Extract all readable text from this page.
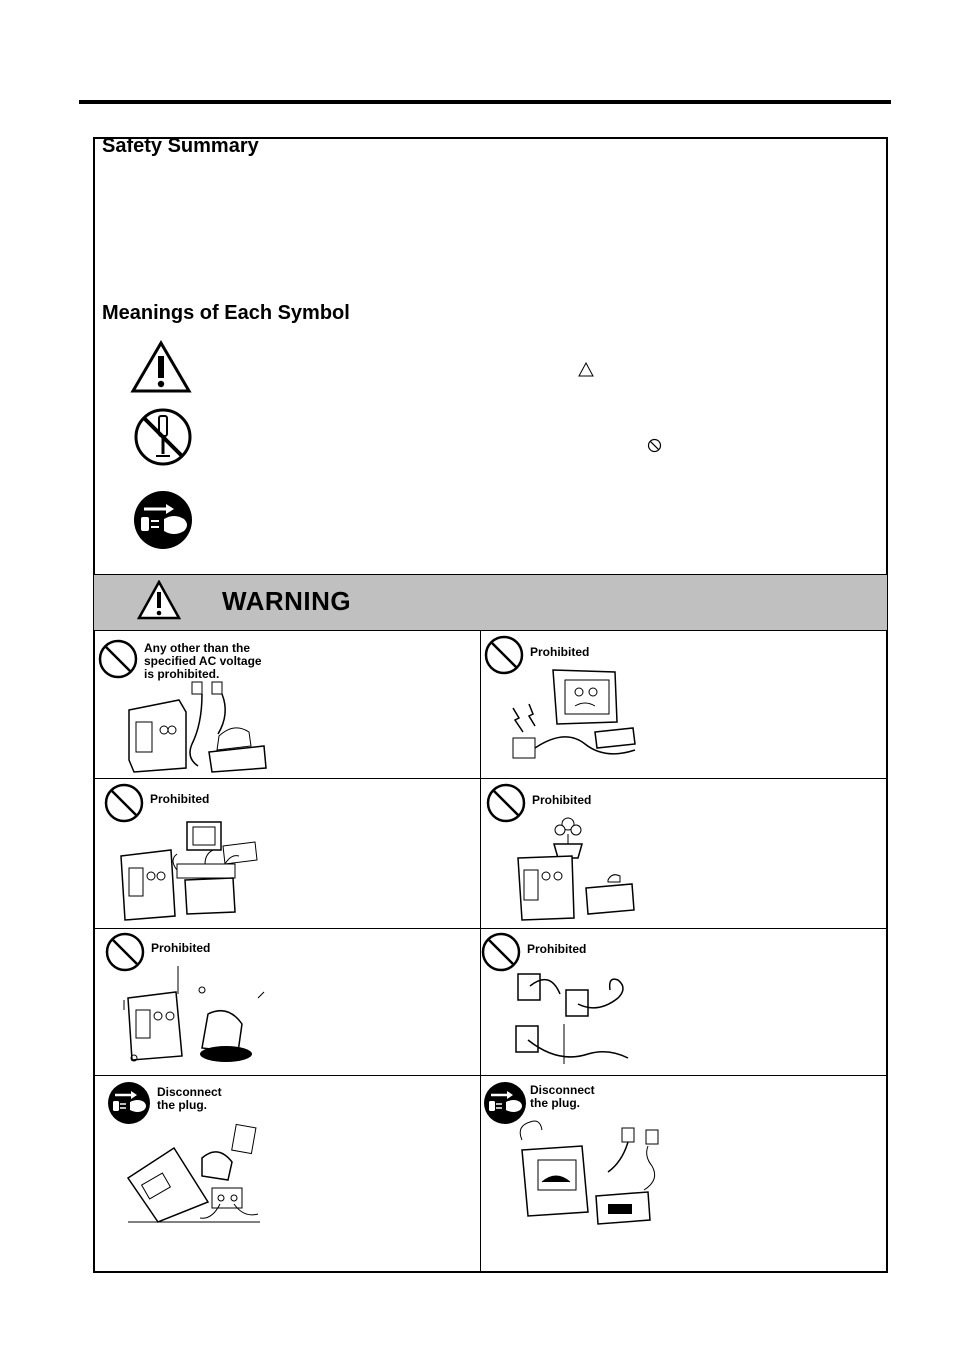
Safety Summary
Meanings of Each Symbol
WARNING
Any other than the
specified AC voltage
is prohibited.
Prohibited
Prohibited	Prohibited
Prohibited	Prohibited
Disconnect
the plug.
Disconnect
the plug.
